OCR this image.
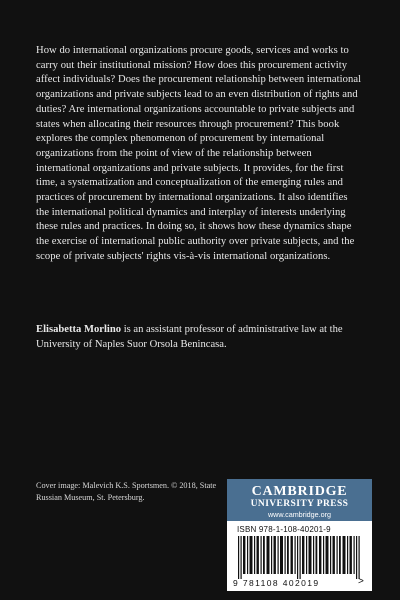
How do international organizations procure goods, services and works to carry out their institutional mission? How does this procurement activity affect individuals? Does the procurement relationship between international organizations and private subjects lead to an even distribution of rights and duties? Are international organizations accountable to private subjects and states when allocating their resources through procurement? This book explores the complex phenomenon of procurement by international organizations from the point of view of the relationship between international organizations and private subjects. It provides, for the first time, a systematization and conceptualization of the emerging rules and practices of procurement by international organizations. It also identifies the international political dynamics and interplay of interests underlying these rules and practices. In doing so, it shows how these dynamics shape the exercise of international public authority over private subjects, and the scope of private subjects' rights vis-à-vis international organizations.

Elisabetta Morlino is an assistant professor of administrative law at the University of Naples Suor Orsola Benincasa.
Cover image: Malevich K.S. Sportsmen. © 2018, State Russian Museum, St. Petersburg.	CAMBRIDGE
UNIVERSITY PRESS
www.cambridge.org
ISBN 978-1-108-40201-9
9 781108 402019	>
